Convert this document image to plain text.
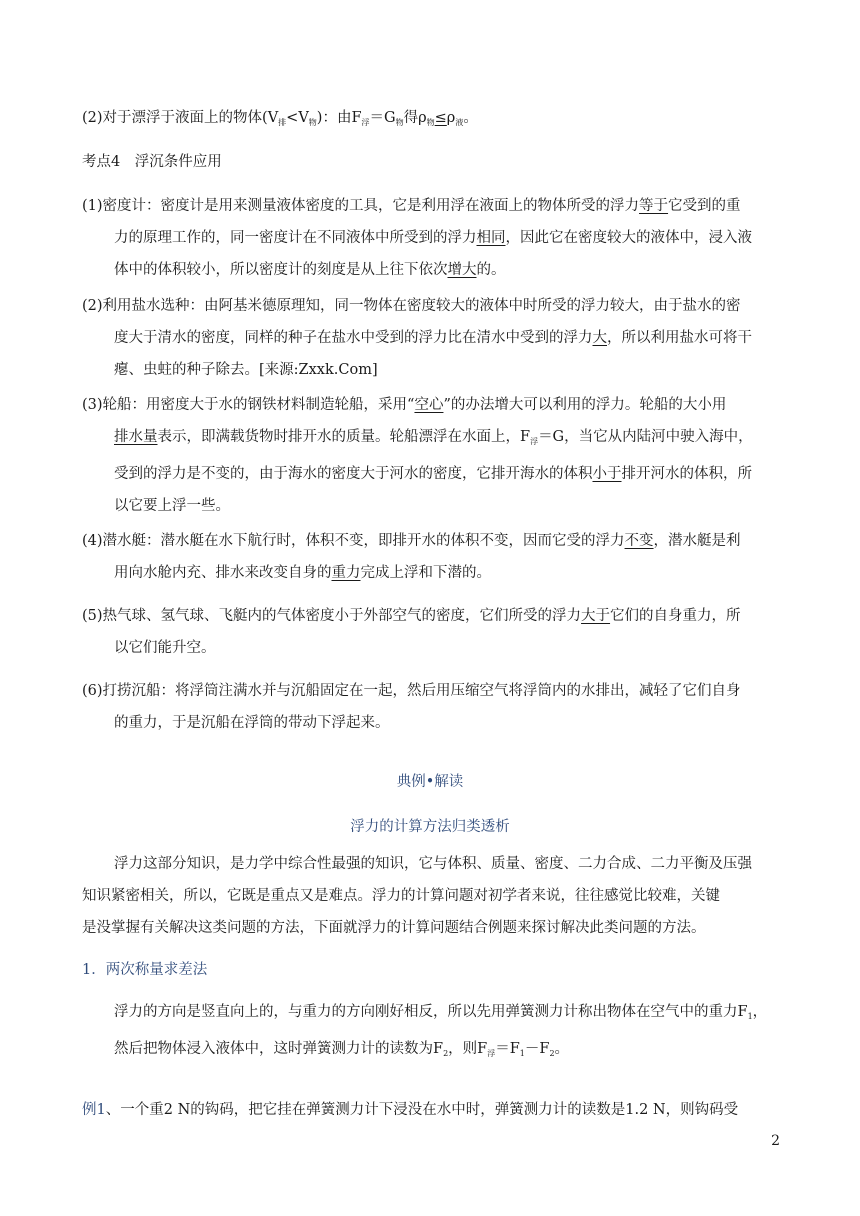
(2)对于漂浮于液面上的物体$(V_排<V_物)$：由$F_浮=G_物$得$\rho_物\le\rho_液$。
考点4　浮沉条件应用
(1)密度计：密度计是用来测量液体密度的工具，它是利用浮在液面上的物体所受的浮力等于它受到的重
力的原理工作的，同一密度计在不同液体中所受到的浮力相同，因此它在密度较大的液体中，浸入液
体中的体积较小，所以密度计的刻度是从上往下依次增大的。
(2)利用盐水选种：由阿基米德原理知，同一物体在密度较大的液体中时所受的浮力较大，由于盐水的密
度大于清水的密度，同样的种子在盐水中受到的浮力比在清水中受到的浮力大，所以利用盐水可将干
瘪、虫蛀的种子除去。[来源:Zxxk.Com]
(3)轮船：用密度大于水的钢铁材料制造轮船，采用“空心”的办法增大可以利用的浮力。轮船的大小用
排水量表示，即满载货物时排开水的质量。轮船漂浮在水面上，$F_浮=G$，当它从内陆河中驶入海中，
受到的浮力是不变的，由于海水的密度大于河水的密度，它排开海水的体积小于排开河水的体积，所
以它要上浮一些。
(4)潜水艇：潜水艇在水下航行时，体积不变，即排开水的体积不变，因而它受的浮力不变，潜水艇是利
用向水舱内充、排水来改变自身的重力完成上浮和下潜的。
(5)热气球、氢气球、飞艇内的气体密度小于外部空气的密度，它们所受的浮力大于它们的自身重力，所
以它们能升空。
(6)打捞沉船：将浮筒注满水并与沉船固定在一起，然后用压缩空气将浮筒内的水排出，减轻了它们自身
的重力，于是沉船在浮筒的带动下浮起来。
典例•解读
浮力的计算方法归类透析
浮力这部分知识，是力学中综合性最强的知识，它与体积、质量、密度、二力合成、二力平衡及压强
知识紧密相关，所以，它既是重点又是难点。浮力的计算问题对初学者来说，往往感觉比较难，关键
是没掌握有关解决这类问题的方法，下面就浮力的计算问题结合例题来探讨解决此类问题的方法。
1．两次称量求差法
浮力的方向是竖直向上的，与重力的方向刚好相反，所以先用弹簧测力计称出物体在空气中的重力$F_1$，
然后把物体浸入液体中，这时弹簧测力计的读数为$F_2$，则$F_浮=F_1-F_2$。
例1、一个重2 N的钩码，把它挂在弹簧测力计下浸没在水中时，弹簧测力计的读数是1.2 N，则钩码受
2
